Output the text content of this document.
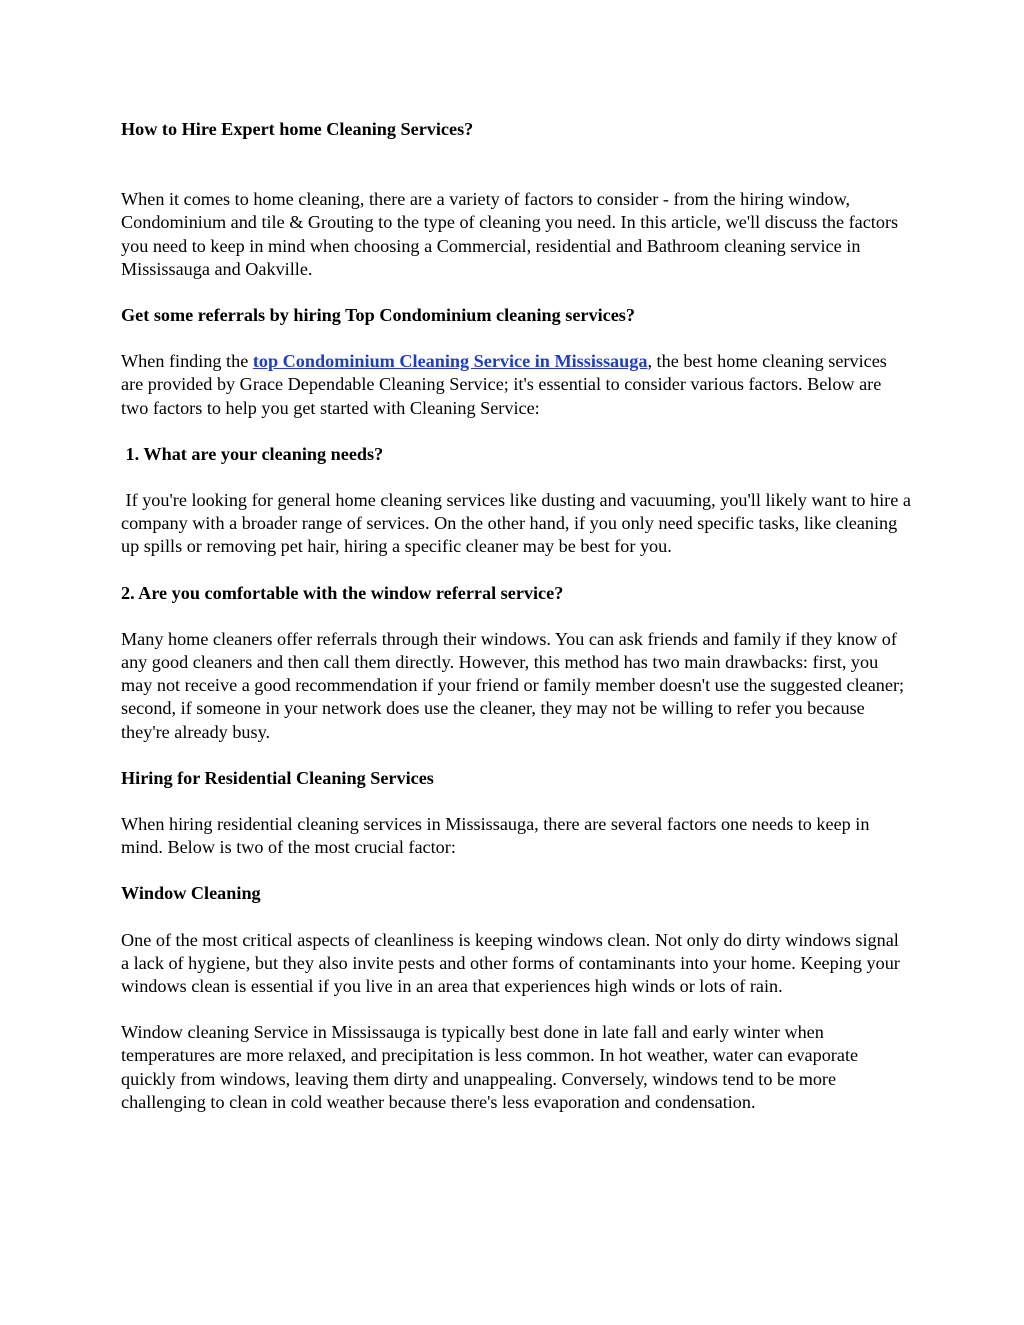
How to Hire Expert home Cleaning Services?

When it comes to home cleaning, there are a variety of factors to consider - from the hiring window, Condominium and tile & Grouting to the type of cleaning you need. In this article, we'll discuss the factors you need to keep in mind when choosing a Commercial, residential and Bathroom cleaning service in Mississauga and Oakville.

Get some referrals by hiring Top Condominium cleaning services?

When finding the top Condominium Cleaning Service in Mississauga, the best home cleaning services are provided by Grace Dependable Cleaning Service; it's essential to consider various factors. Below are two factors to help you get started with Cleaning Service:

1. What are your cleaning needs?

If you're looking for general home cleaning services like dusting and vacuuming, you'll likely want to hire a company with a broader range of services. On the other hand, if you only need specific tasks, like cleaning up spills or removing pet hair, hiring a specific cleaner may be best for you.

2. Are you comfortable with the window referral service?

Many home cleaners offer referrals through their windows. You can ask friends and family if they know of any good cleaners and then call them directly. However, this method has two main drawbacks: first, you may not receive a good recommendation if your friend or family member doesn't use the suggested cleaner; second, if someone in your network does use the cleaner, they may not be willing to refer you because they're already busy.

Hiring for Residential Cleaning Services

When hiring residential cleaning services in Mississauga, there are several factors one needs to keep in mind. Below is two of the most crucial factor:

Window Cleaning

One of the most critical aspects of cleanliness is keeping windows clean. Not only do dirty windows signal a lack of hygiene, but they also invite pests and other forms of contaminants into your home. Keeping your windows clean is essential if you live in an area that experiences high winds or lots of rain.

Window cleaning Service in Mississauga is typically best done in late fall and early winter when temperatures are more relaxed, and precipitation is less common. In hot weather, water can evaporate quickly from windows, leaving them dirty and unappealing. Conversely, windows tend to be more challenging to clean in cold weather because there's less evaporation and condensation.
